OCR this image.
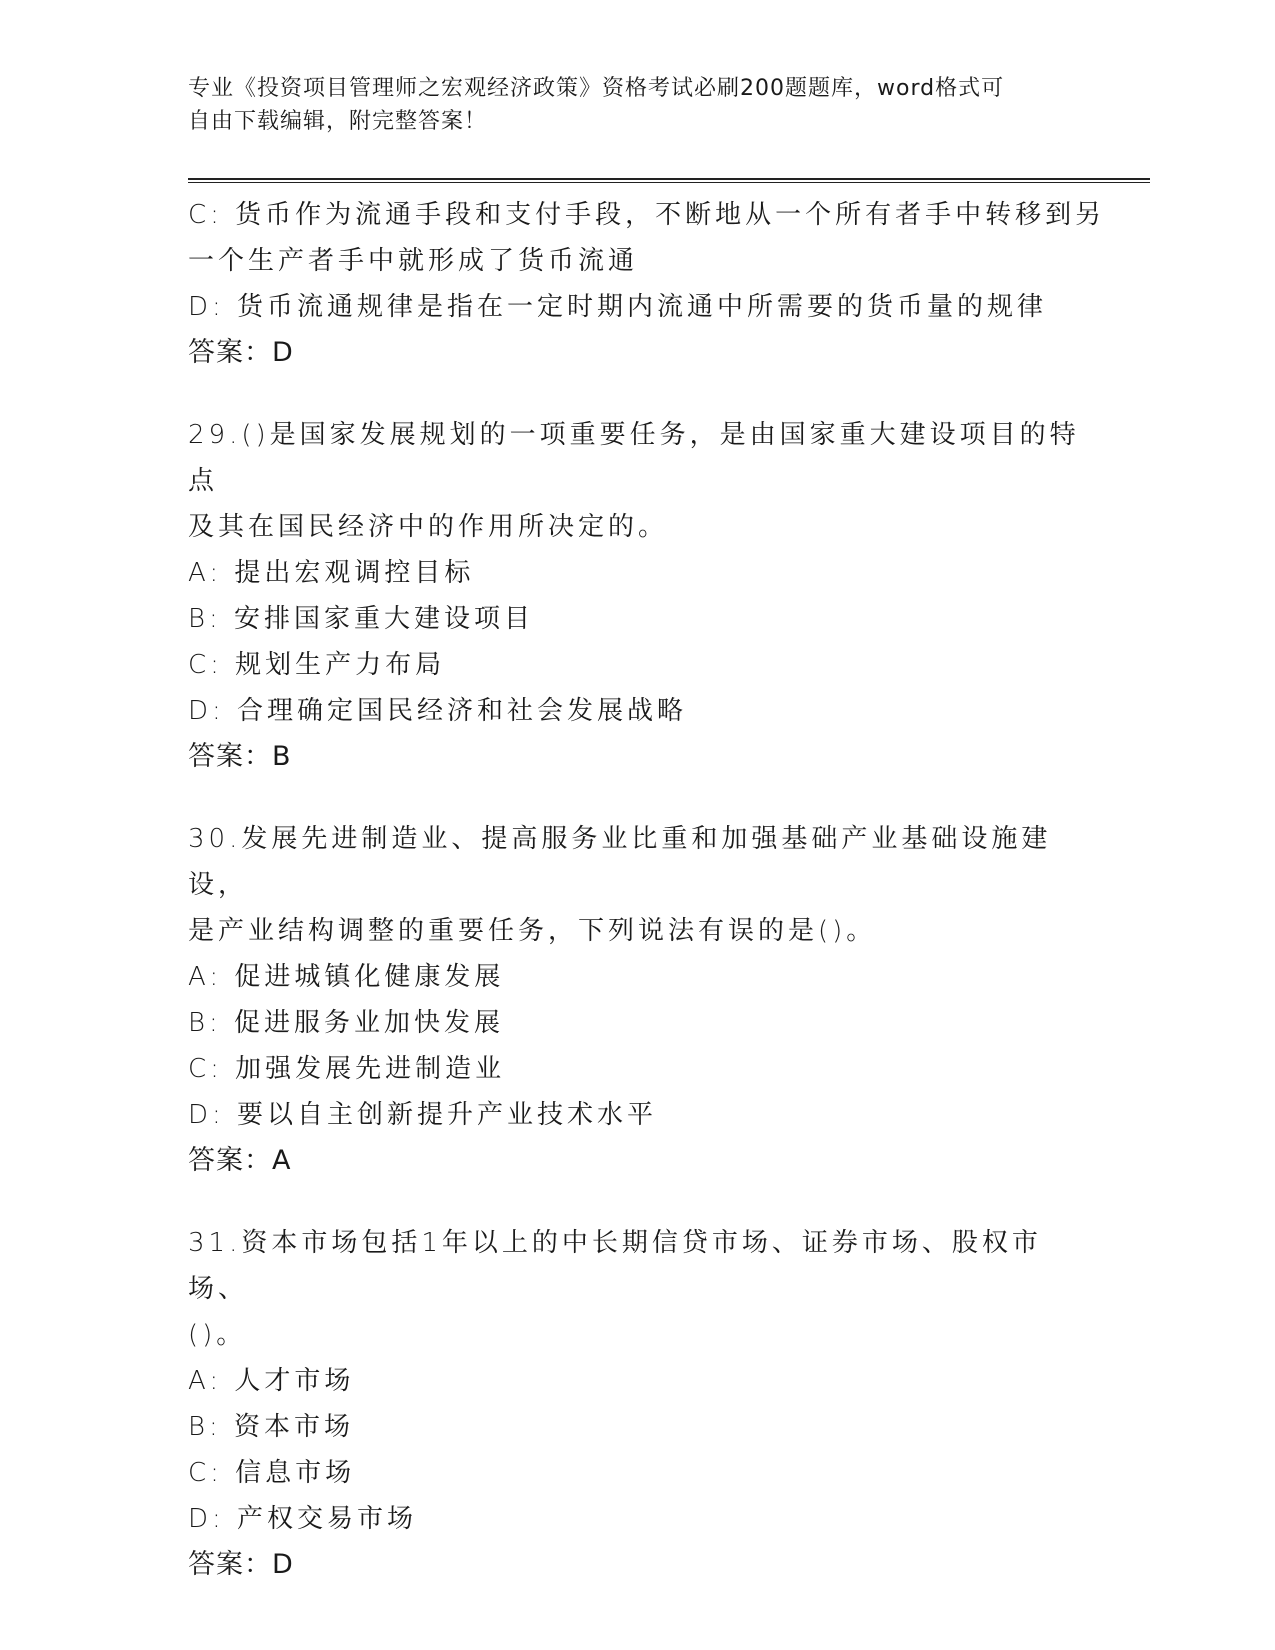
专业《投资项目管理师之宏观经济政策》资格考试必刷200题题库，word格式可
自由下载编辑，附完整答案！
C: 货币作为流通手段和支付手段，不断地从一个所有者手中转移到另
一个生产者手中就形成了货币流通
D: 货币流通规律是指在一定时期内流通中所需要的货币量的规律
答案：D
29.()是国家发展规划的一项重要任务，是由国家重大建设项目的特点
及其在国民经济中的作用所决定的。
A: 提出宏观调控目标
B: 安排国家重大建设项目
C: 规划生产力布局
D: 合理确定国民经济和社会发展战略
答案：B
30.发展先进制造业、提高服务业比重和加强基础产业基础设施建设，
是产业结构调整的重要任务，下列说法有误的是()。
A: 促进城镇化健康发展
B: 促进服务业加快发展
C: 加强发展先进制造业
D: 要以自主创新提升产业技术水平
答案：A
31.资本市场包括1年以上的中长期信贷市场、证券市场、股权市场、
()。
A: 人才市场
B: 资本市场
C: 信息市场
D: 产权交易市场
答案：D
